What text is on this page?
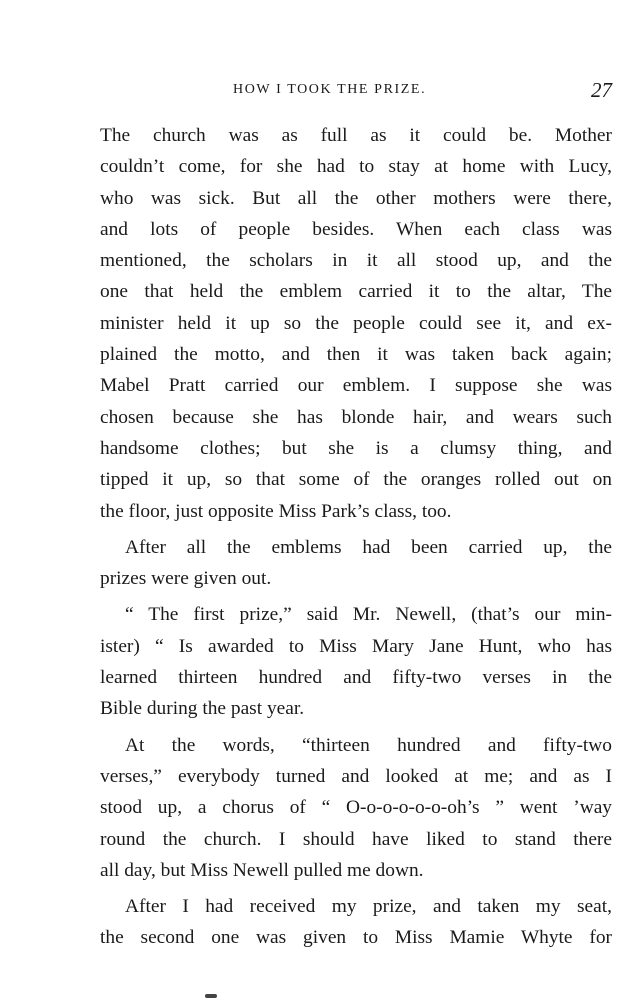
HOW I TOOK THE PRIZE.	27
The church was as full as it could be. Mother
couldn’t come, for she had to stay at home with Lucy,
who was sick. But all the other mothers were there,
and lots of people besides. When each class was
mentioned, the scholars in it all stood up, and the
one that held the emblem carried it to the altar, The
minister held it up so the people could see it, and ex-
plained the motto, and then it was taken back again;
Mabel Pratt carried our emblem. I suppose she was
chosen because she has blonde hair, and wears such
handsome clothes; but she is a clumsy thing, and
tipped it up, so that some of the oranges rolled out on
the floor, just opposite Miss Park’s class, too.
After all the emblems had been carried up, the
prizes were given out.
“ The first prize,” said Mr. Newell, (that’s our min-
ister) “ Is awarded to Miss Mary Jane Hunt, who has
learned thirteen hundred and fifty-two verses in the
Bible during the past year.
At the words, “thirteen hundred and fifty-two
verses,” everybody turned and looked at me; and as I
stood up, a chorus of “ O-o-o-o-o-o-oh’s ” went ’way
round the church. I should have liked to stand there
all day, but Miss Newell pulled me down.
After I had received my prize, and taken my seat,
the second one was given to Miss Mamie Whyte for
